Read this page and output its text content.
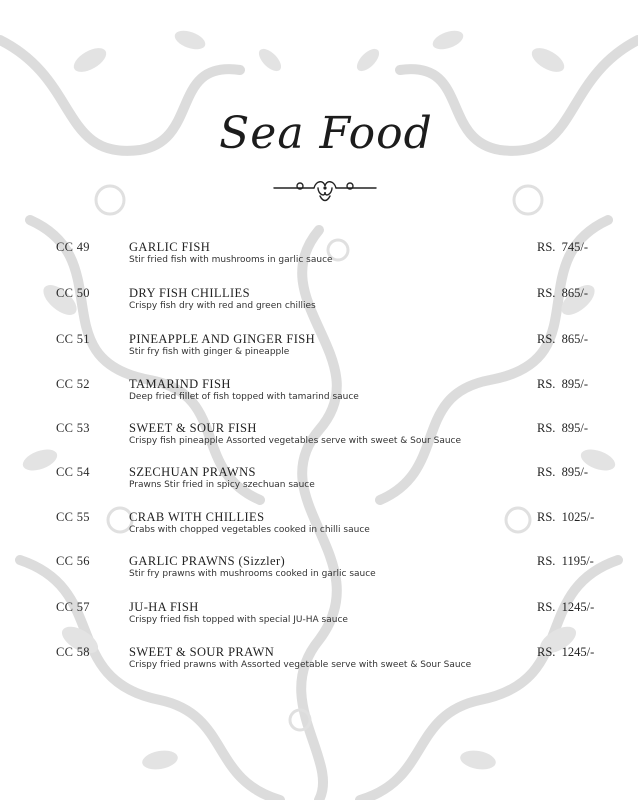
Sea Food
CC 49	GARLIC FISH
Stir fried fish with mushrooms in garlic sauce
RS.  745/-
CC 50	DRY FISH CHILLIES
Crispy fish dry with red and green chillies
RS.  865/-
CC 51	PINEAPPLE AND GINGER FISH
Stir fry fish with ginger & pineapple
RS.  865/-
CC 52	TAMARIND FISH
Deep fried fillet of fish topped with tamarind sauce
RS.  895/-
CC 53	SWEET & SOUR FISH
Crispy fish pineapple Assorted vegetables serve with sweet & Sour Sauce
RS.  895/-
CC 54	SZECHUAN PRAWNS
Prawns Stir fried in spicy szechuan sauce
RS.  895/-
CC 55	CRAB WITH CHILLIES
Crabs with chopped vegetables cooked in chilli sauce
RS.  1025/-
CC 56	GARLIC PRAWNS (Sizzler)
Stir fry prawns with mushrooms cooked in garlic sauce
RS.  1195/-
CC 57	JU-HA FISH
Crispy fried fish topped with special JU-HA sauce
RS.  1245/-
CC 58	SWEET & SOUR PRAWN
Crispy fried prawns with Assorted vegetable serve with sweet & Sour Sauce
RS.  1245/-
